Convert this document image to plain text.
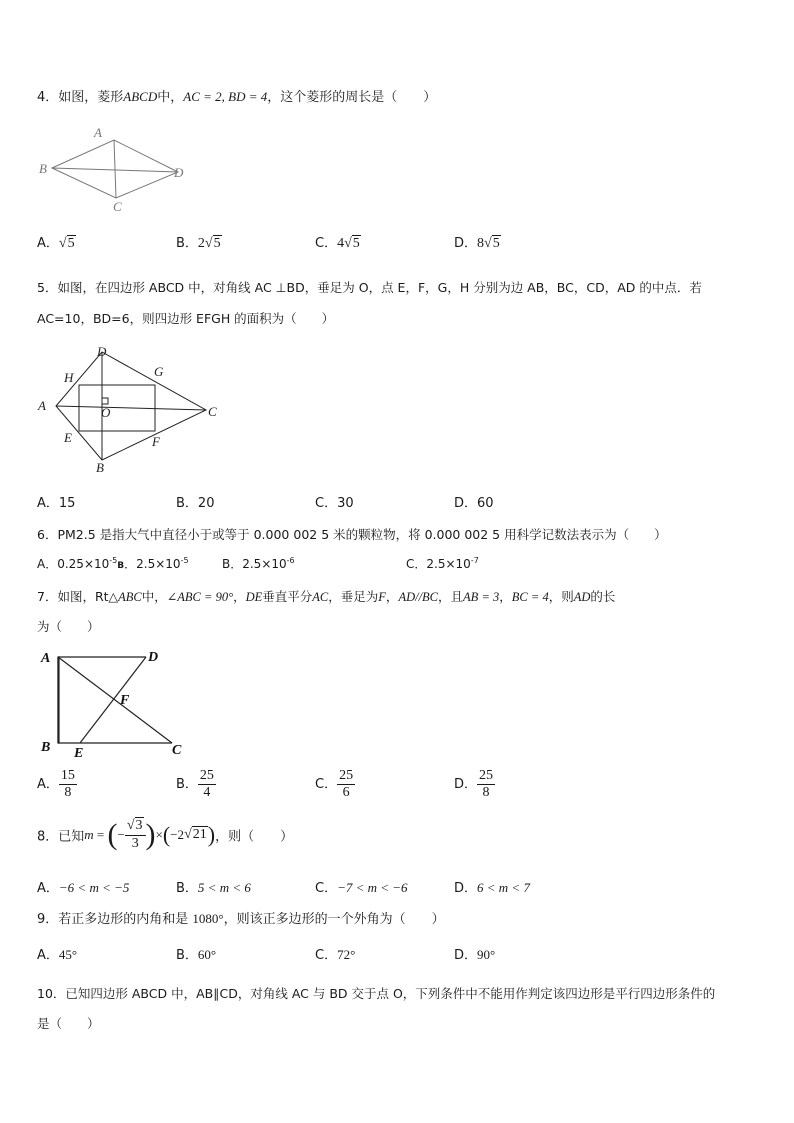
4．如图，菱形ABCD中，AC = 2, BD = 4，这个菱形的周长是（　　）
A
B
C
D
A．√5	B．2√5	C．4√5	D．8√5
5．如图，在四边形 ABCD 中，对角线 AC ⊥BD，垂足为 O，点 E，F，G，H 分别为边 AB，BC，CD，AD 的中点．若
AC=10，BD=6，则四边形 EFGH 的面积为（　　）
A
B
C
D
E	F
G
H
O
A．15	B．20	C．30	D．60
6．PM2.5 是指大气中直径小于或等于 0.000 002 5 米的颗粒物，将 0.000 002 5 用科学记数法表示为（　　）
A．$0.25\times 10^{-5}B$．$2.5\times 10^{-5}$	B．$2.5\times 10^{-6}$	C．$2.5\times 10^{-7}$
7．如图，Rt△ABC中，∠ABC = 90°，DE垂直平分AC，垂足为F，AD//BC，且AB = 3，BC = 4，则AD的长
为（　　）
A
B	C
D
E
F
A． $\frac{15}{8}$	B． $\frac{25}{4}$	C． $\frac{25}{6}$	D． $\frac{25}{8}$
8．已知m = (− $\frac{√3}{3} )\times(-2√21)$，则（　　）
A．−6 < m < −5	B．5 < m < 6	C．−7 < m < −6	D．6 < m < 7
9．若正多边形的内角和是 1080°，则该正多边形的一个外角为（　　）
A．45°	B．60°	C．72°	D．90°
10．已知四边形 ABCD 中，AB∥CD，对角线 AC 与 BD 交于点 O，下列条件中不能用作判定该四边形是平行四边形条件的
是（　　）
